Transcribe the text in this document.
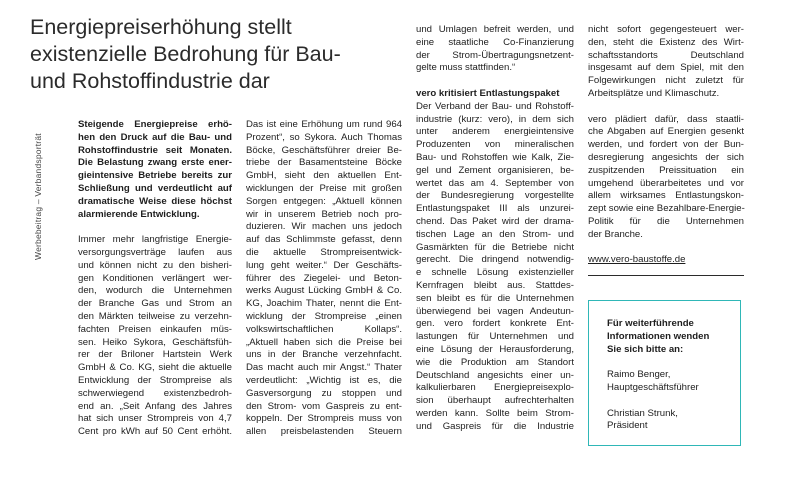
Energiepreiserhöhung stellt
existenzielle Bedrohung für Bau-
und Rohstoffindustrie dar
Werbebeitrag – Verbandsporträt
Steigende Energiepreise erhö-
hen den Druck auf die Bau- und
Rohstoffindustrie seit Monaten.
Die Belastung zwang erste ener-
gieintensive Betriebe bereits zur
Schließung und verdeutlicht auf
dramatische Weise diese höchst
alarmierende Entwicklung.
Immer mehr langfristige Energie-
versorgungsverträge laufen aus
und können nicht zu den bisheri-
gen Konditionen verlängert wer-
den, wodurch die Unternehmen
der Branche Gas und Strom an
den Märkten teilweise zu verzehn-
fachten Preisen einkaufen müs-
sen. Heiko Sykora, Geschäftsfüh-
rer der Briloner Hartstein Werk
GmbH & Co. KG, sieht die aktuelle
Entwicklung der Strompreise als
schwerwiegend existenzbedroh-
end an. „Seit Anfang des Jahres
hat sich unser Strompreis von 4,7
Cent pro kWh auf 50 Cent erhöht.
Das ist eine Erhöhung um rund 964
Prozent“, so Sykora. Auch Thomas
Böcke, Geschäftsführer dreier Be-
triebe der Basamentsteine Böcke
GmbH, sieht den aktuellen Ent-
wicklungen der Preise mit großen
Sorgen entgegen: „Aktuell können
wir in unserem Betrieb noch pro-
duzieren. Wir machen uns jedoch
auf das Schlimmste gefasst, denn
die aktuelle Strompreisentwick-
lung geht weiter.“ Der Geschäfts-
führer des Ziegelei- und Beton-
werks August Lücking GmbH & Co.
KG, Joachim Thater, nennt die Ent-
wicklung der Strompreise „einen
volkswirtschaftlichen Kollaps“.
„Aktuell haben sich die Preise bei
uns in der Branche verzehnfacht.
Das macht auch mir Angst.“ Thater
verdeutlicht: „Wichtig ist es, die
Gasversorgung zu stoppen und
den Strom- vom Gaspreis zu ent-
koppeln. Der Strompreis muss von
allen preisbelastenden Steuern
und Umlagen befreit werden, und
eine staatliche Co-Finanzierung
der Strom-Übertragungsnetzent-
gelte muss stattfinden.“
vero kritisiert Entlastungspaket
Der Verband der Bau- und Rohstoff-
industrie (kurz: vero), in dem sich
unter anderem energieintensive
Produzenten von mineralischen
Bau- und Rohstoffen wie Kalk, Zie-
gel und Zement organisieren, be-
wertet das am 4. September von
der Bundesregierung vorgestellte
Entlastungspaket III als unzurei-
chend. Das Paket wird der drama-
tischen Lage an den Strom- und
Gasmärkten für die Betriebe nicht
gerecht. Die dringend notwendig-
e schnelle Lösung existenzieller
Kernfragen bleibt aus. Stattdes-
sen bleibt es für die Unternehmen
überwiegend bei vagen Andeutun-
gen. vero fordert konkrete Ent-
lastungen für Unternehmen und
eine Lösung der Herausforderung,
wie die Produktion am Standort
Deutschland angesichts einer un-
kalkulierbaren Energiepreisexplo-
sion überhaupt aufrechterhalten
werden kann. Sollte beim Strom-
und Gaspreis für die Industrie
nicht sofort gegengesteuert wer-
den, steht die Existenz des Wirt-
schaftsstandorts Deutschland
insgesamt auf dem Spiel, mit den
Folgewirkungen nicht zuletzt für
Arbeitsplätze und Klimaschutz.
vero plädiert dafür, dass staatli-
che Abgaben auf Energien gesenkt
werden, und fordert von der Bun-
desregierung angesichts der sich
zuspitzenden Preissituation ein
umgehend überarbeitetes und vor
allem wirksames Entlastungskon-
zept sowie eine Bezahlbare-Energie-
Politik für die Unternehmen
der Branche.
www.vero-baustoffe.de
Für weiterführende
Informationen wenden
Sie sich bitte an:
Raimo Benger,
Hauptgeschäftsführer
Christian Strunk,
Präsident
